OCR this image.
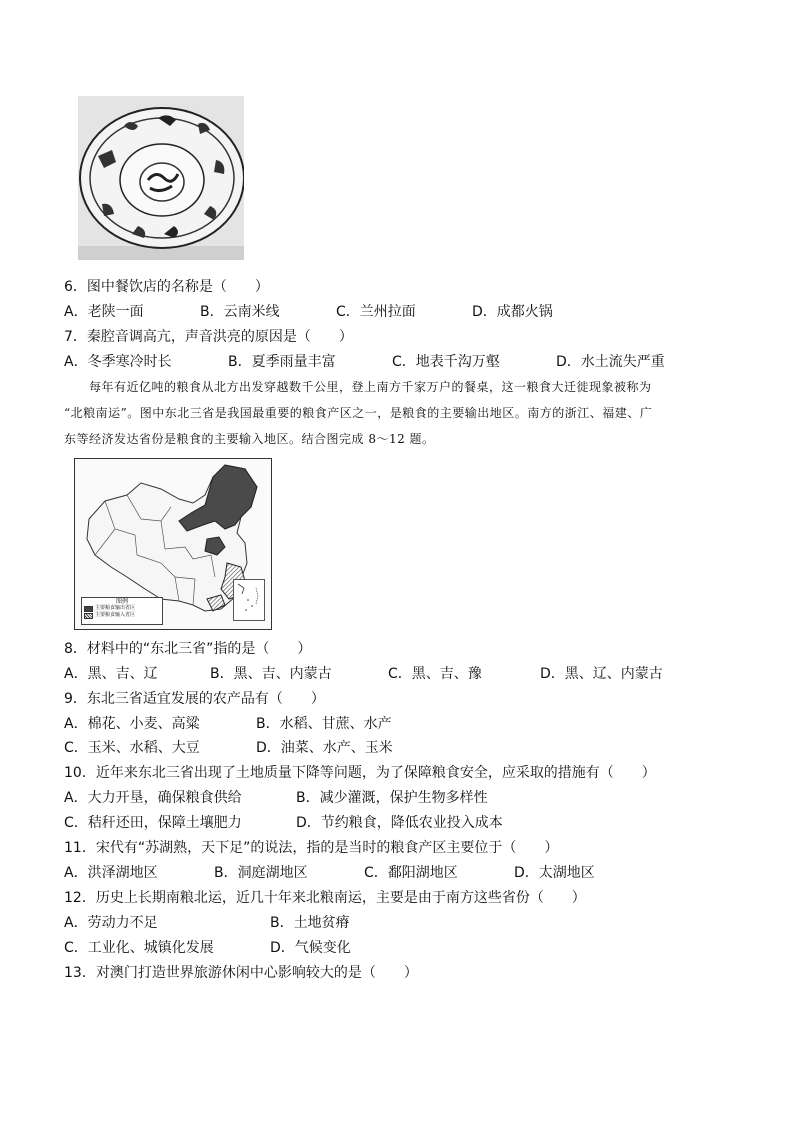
6．图中餐饮店的名称是（　　）
A．老陕一面	B．云南米线	C．兰州拉面	D．成都火锅
7．秦腔音调高亢，声音洪亮的原因是（　　）
A．冬季寒冷时长	B．夏季雨量丰富	C．地表千沟万壑	D．水土流失严重
　　每年有近亿吨的粮食从北方出发穿越数千公里，登上南方千家万户的餐桌，这一粮食大迁徙现象被称为
“北粮南运”。图中东北三省是我国最重要的粮食产区之一，是粮食的主要输出地区。南方的浙江、福建、广
东等经济发达省份是粮食的主要输入地区。结合图完成 8～12 题。
图例
主要粮食输出省区
主要粮食输入省区
8．材料中的“东北三省”指的是（　　）
A．黑、吉、辽	B．黑、吉、内蒙古	C．黑、吉、豫	D．黑、辽、内蒙古
9．东北三省适宜发展的农产品有（　　）
A．棉花、小麦、高粱	B．水稻、甘蔗、水产
C．玉米、水稻、大豆	D．油菜、水产、玉米
10．近年来东北三省出现了土地质量下降等问题，为了保障粮食安全，应采取的措施有（　　）
A．大力开垦，确保粮食供给	B．减少灌溉，保护生物多样性
C．秸秆还田，保障土壤肥力	D．节约粮食，降低农业投入成本
11．宋代有“苏湖熟，天下足”的说法，指的是当时的粮食产区主要位于（　　）
A．洪泽湖地区	B．洞庭湖地区	C．鄱阳湖地区	D．太湖地区
12．历史上长期南粮北运，近几十年来北粮南运，主要是由于南方这些省份（　　）
A．劳动力不足	B．土地贫瘠
C．工业化、城镇化发展	D．气候变化
13．对澳门打造世界旅游休闲中心影响较大的是（　　）
